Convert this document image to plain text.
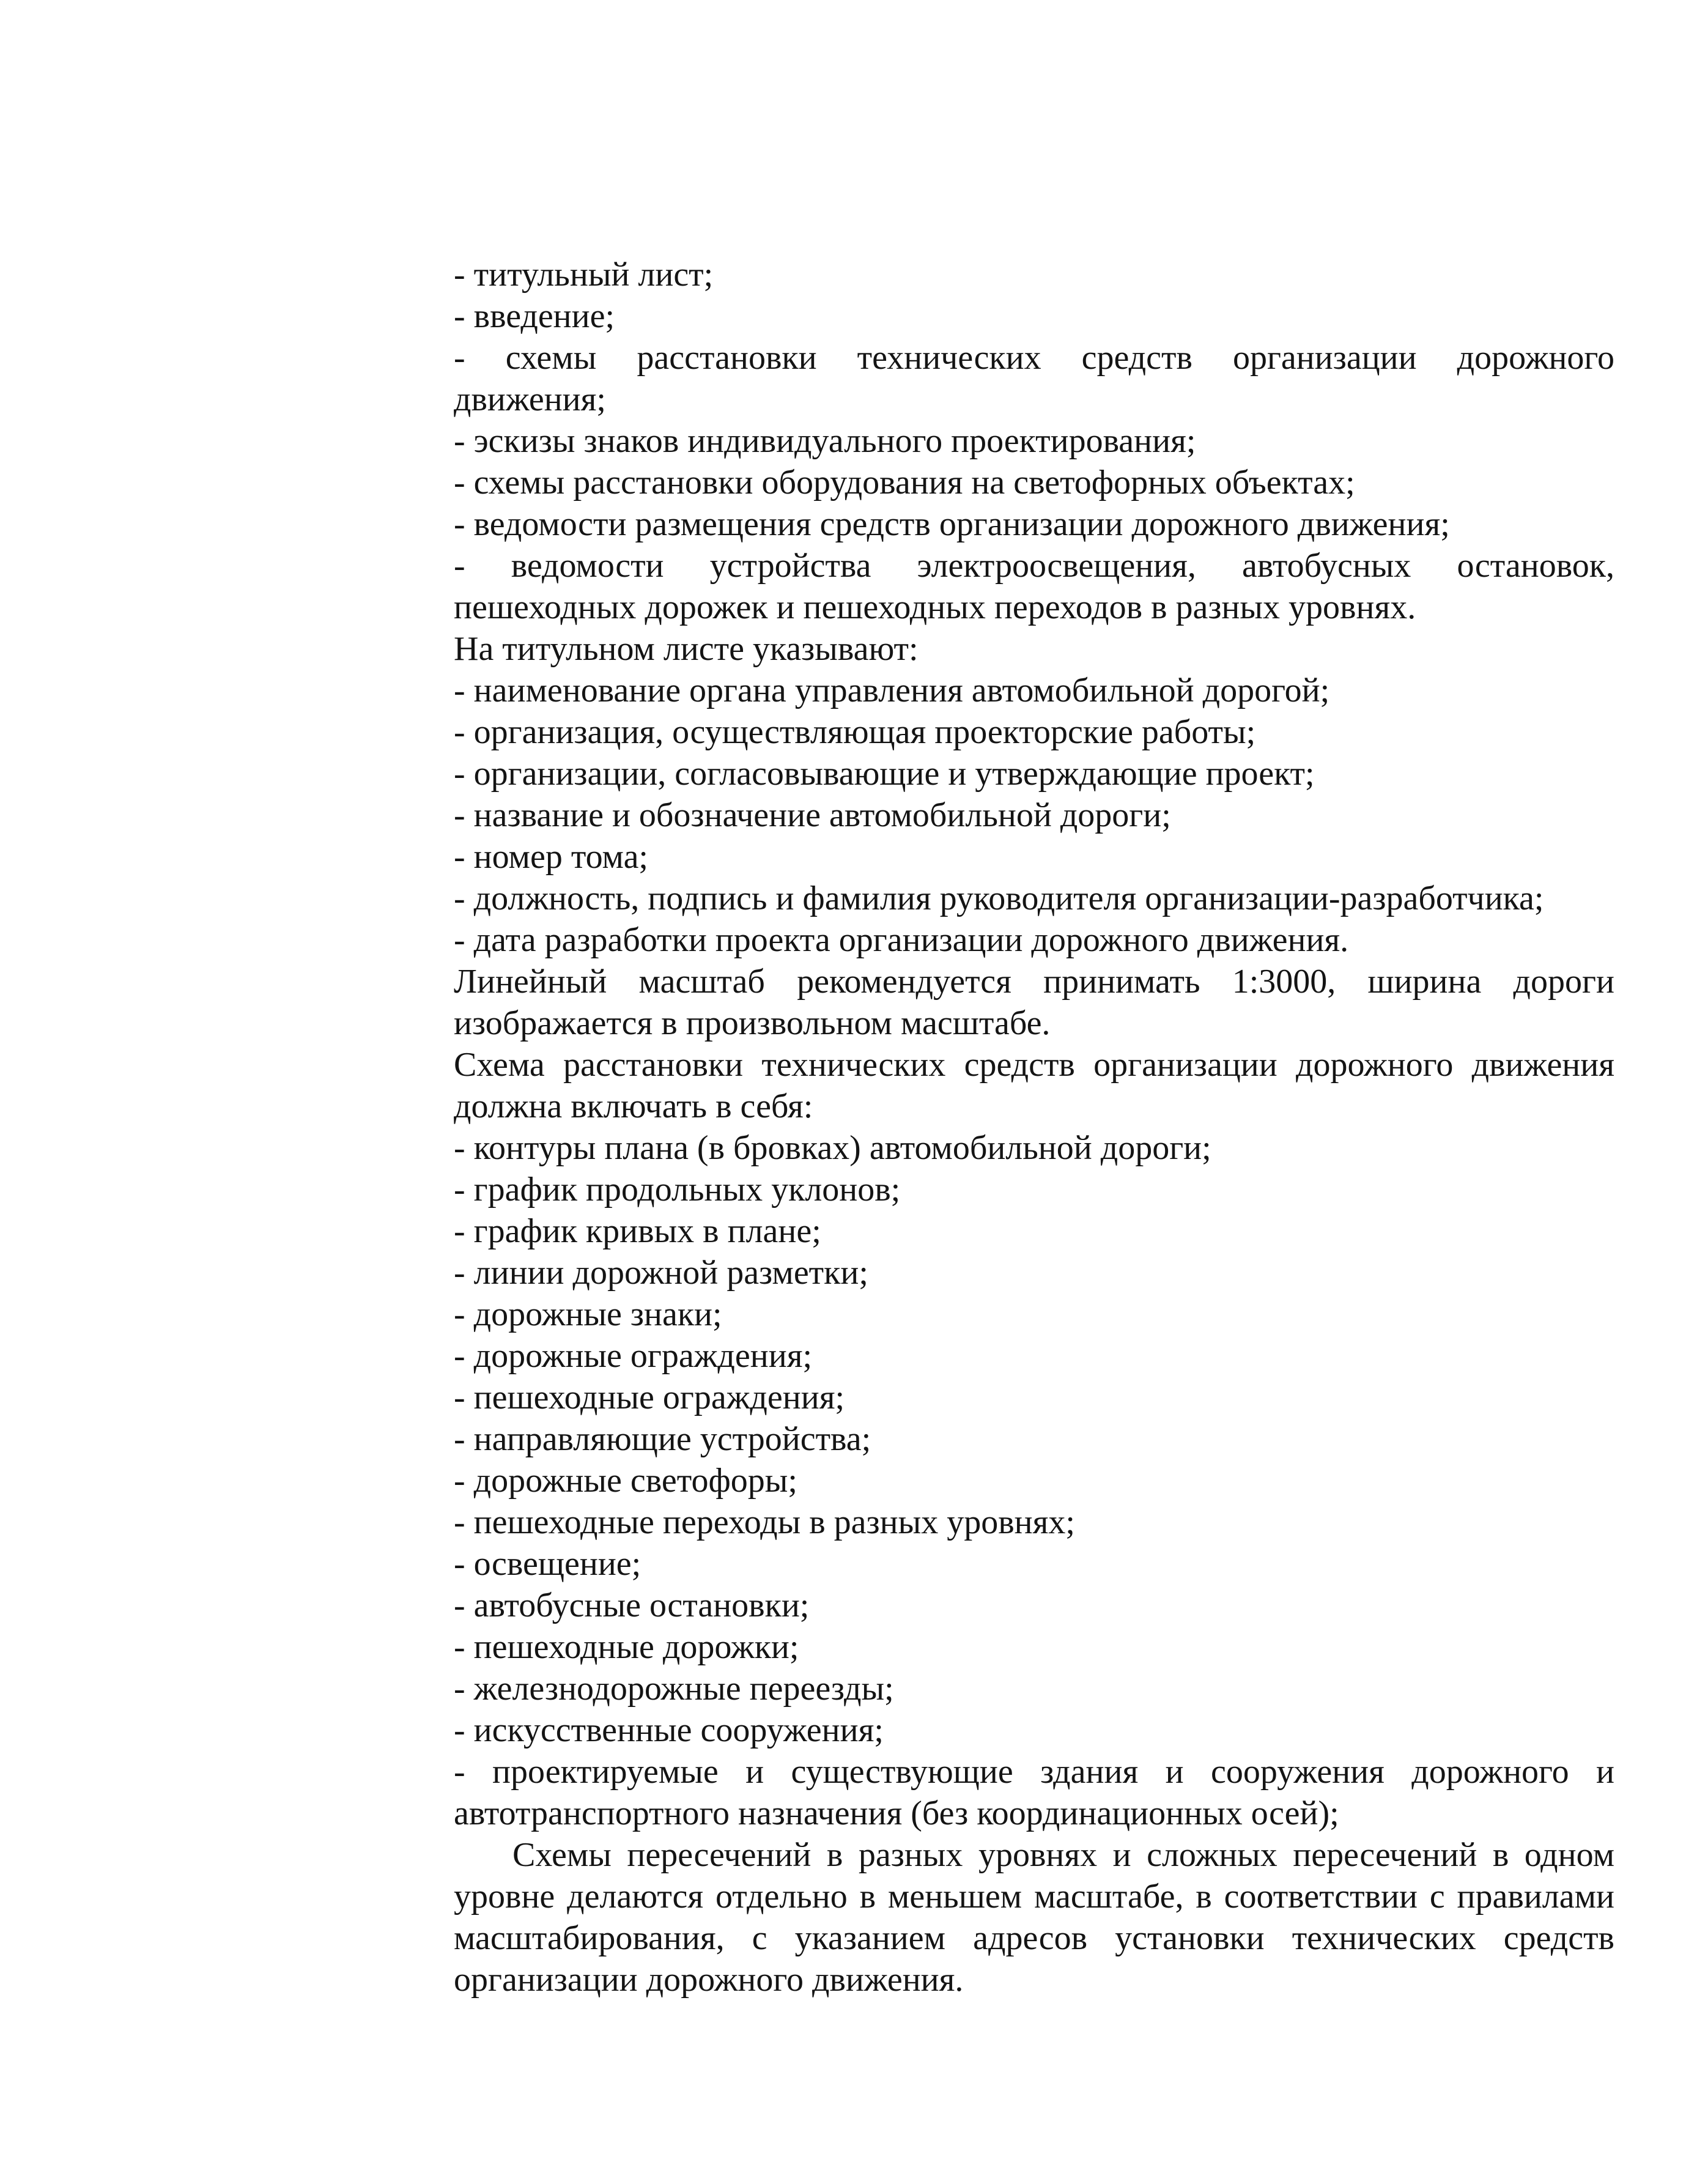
- титульный лист;
- введение;
- схемы расстановки технических средств организации дорожного
движения;
- эскизы знаков индивидуального проектирования;
- схемы расстановки оборудования на светофорных объектах;
- ведомости размещения средств организации дорожного движения;
- ведомости устройства электроосвещения, автобусных остановок,
пешеходных дорожек и пешеходных переходов в разных уровнях.
На титульном листе указывают:
- наименование органа управления автомобильной дорогой;
- организация, осуществляющая проекторские работы;
- организации, согласовывающие и утверждающие проект;
- название и обозначение автомобильной дороги;
- номер тома;
- должность, подпись и фамилия руководителя организации-разработчика;
- дата разработки проекта организации дорожного движения.
Линейный масштаб рекомендуется принимать 1:3000, ширина дороги
изображается в произвольном масштабе.
Схема расстановки технических средств организации дорожного движения
должна включать в себя:
- контуры плана (в бровках) автомобильной дороги;
- график продольных уклонов;
- график кривых в плане;
- линии дорожной разметки;
- дорожные знаки;
- дорожные ограждения;
- пешеходные ограждения;
- направляющие устройства;
- дорожные светофоры;
- пешеходные переходы в разных уровнях;
- освещение;
- автобусные остановки;
- пешеходные дорожки;
- железнодорожные переезды;
- искусственные сооружения;
- проектируемые и существующие здания и сооружения дорожного и
автотранспортного назначения (без координационных осей);
Схемы пересечений в разных уровнях и сложных пересечений в одном
уровне делаются отдельно в меньшем масштабе, в соответствии с правилами
масштабирования, с указанием адресов установки технических средств
организации дорожного движения.
